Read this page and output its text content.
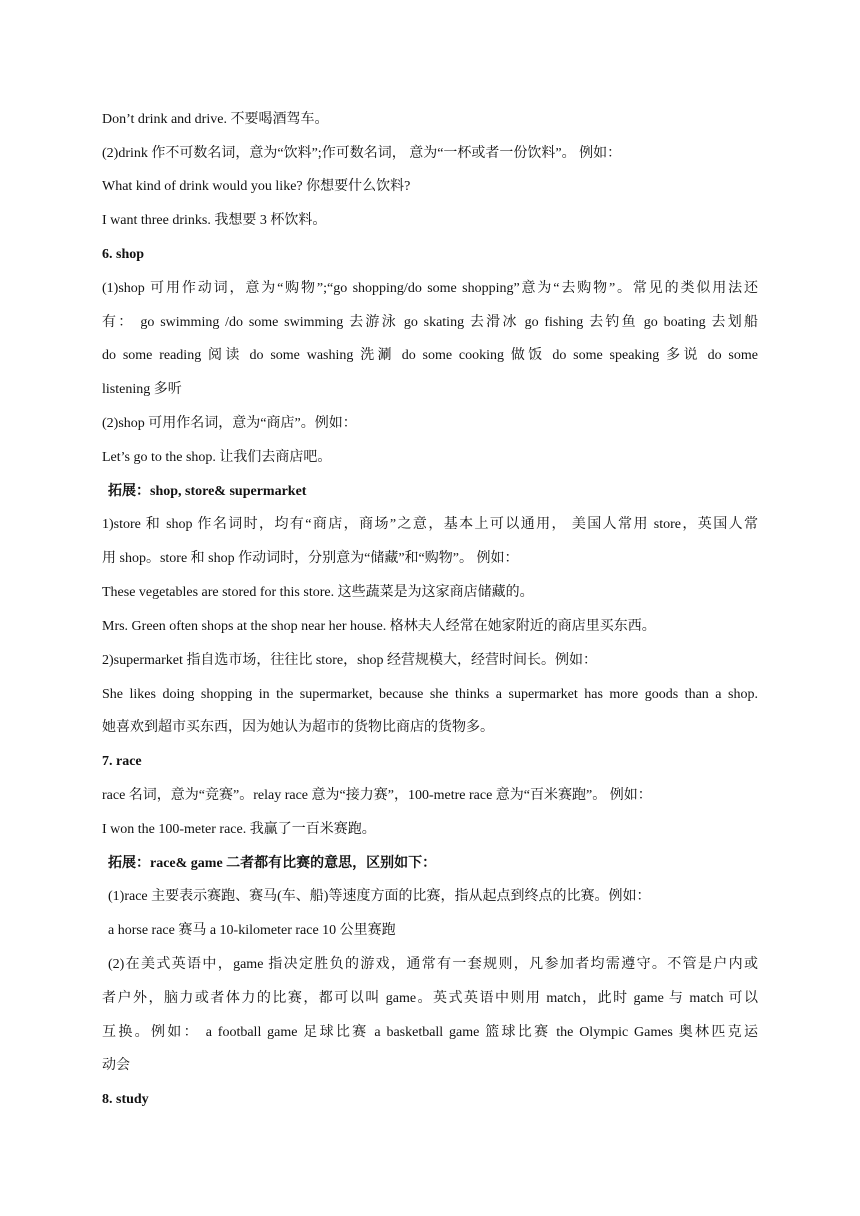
Don’t drink and drive. 不要喝酒驾车。

(2)drink 作不可数名词，意为“饮料”;作可数名词， 意为“一杯或者一份饮料”。 例如：

What kind of drink would you like? 你想要什么饮料?

I want three drinks. 我想要 3 杯饮料。

6. shop

(1)shop 可用作动词，意为“购物”;“go shopping/do some shopping”意为“去购物”。常见的类似用法还

有： go swimming /do some swimming 去游泳 go skating 去滑冰 go fishing 去钓鱼 go boating 去划船

do some reading 阅读 do some washing 洗涮 do some cooking 做饭 do some speaking 多说 do some

listening 多听

(2)shop 可用作名词，意为“商店”。例如：

Let’s go to the shop. 让我们去商店吧。

拓展：shop, store& supermarket

1)store 和 shop 作名词时，均有“商店，商场”之意，基本上可以通用， 美国人常用 store，英国人常

用 shop。store 和 shop 作动词时，分别意为“储藏”和“购物”。 例如：

These vegetables are stored for this store. 这些蔬菜是为这家商店储藏的。

Mrs. Green often shops at the shop near her house. 格林夫人经常在她家附近的商店里买东西。

2)supermarket 指自选市场，往往比 store，shop 经营规模大，经营时间长。例如：

She likes doing shopping in the supermarket, because she thinks a supermarket has more goods than a shop.

她喜欢到超市买东西，因为她认为超市的货物比商店的货物多。

7. race

race 名词，意为“竞赛”。relay race 意为“接力赛”，100-metre race 意为“百米赛跑”。 例如：

I won the 100-meter race. 我赢了一百米赛跑。

拓展：race& game 二者都有比赛的意思，区别如下：

(1)race 主要表示赛跑、赛马(车、船)等速度方面的比赛，指从起点到终点的比赛。例如：

a horse race 赛马 a 10-kilometer race 10 公里赛跑

(2)在美式英语中，game 指决定胜负的游戏，通常有一套规则，凡参加者均需遵守。不管是户内或

者户外，脑力或者体力的比赛，都可以叫 game。英式英语中则用 match，此时 game 与 match 可以

互换。例如： a football game 足球比赛 a basketball game 篮球比赛 the Olympic Games 奥林匹克运

动会

8. study
